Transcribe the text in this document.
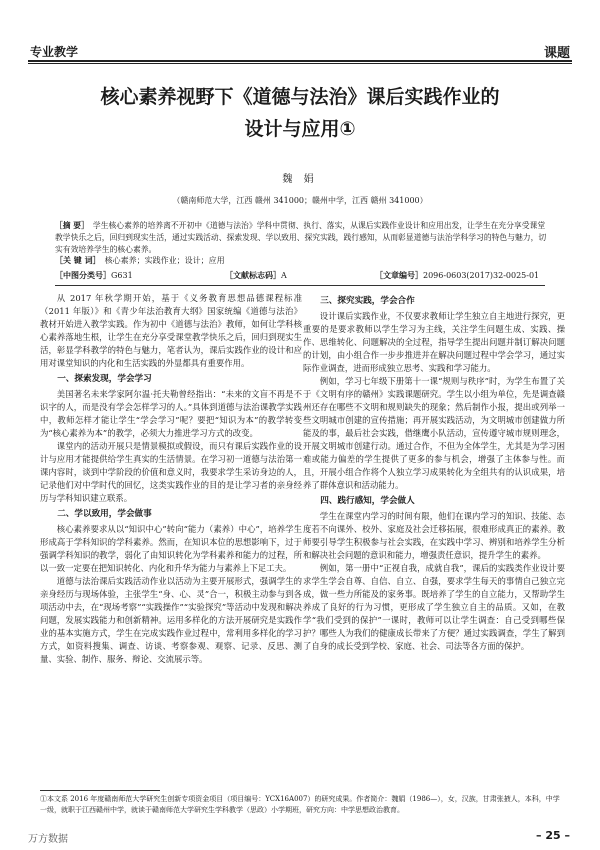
专业教学	课题
核心素养视野下《道德与法治》课后实践作业的
设计与应用①
魏 娟
（赣南师范大学，江西 赣州 341000；赣州中学，江西 赣州 341000）
［摘 要］ 学生核心素养的培养离不开初中《道德与法治》学科中贯彻、执行、落实，从课后实践作业设计和应用出发，让学生在充分享受课堂教学快乐之后，回归到现实生活，通过实践活动、探索发现、学以致用、探究实践，践行感知，从而彰显道德与法治学科学习的特色与魅力，切实有效培养学生的核心素养。
［关 键 词］ 核心素养；实践作业；设计；应用
［中图分类号］G631	［文献标志码］A	［文章编号］2096-0603(2017)32-0025-01

从 2017 年秋学期开始，基于《义务教育思想品德课程标准（2011 年版）》和《青少年法治教育大纲》国家统编《道德与法治》教材开始进入教学实践。作为初中《道德与法治》教师，如何让学科核心素养落地生根，让学生在充分享受课堂教学快乐之后，回归到现实生活，彰显学科教学的特色与魅力，笔者认为，课后实践作业的设计和应用对课堂知识的内化和生活实践的外显都具有重要作用。

一、探索发现，学会学习

美国著名未来学家阿尔温·托夫勒曾经指出：“未来的文盲不再是不识字的人，而是没有学会怎样学习的人。”具体到道德与法治课教学实践中，教师怎样才能让学生“学会学习”呢？要把“知识为本”的教学转变为“核心素养为本”的教学，必须大力推进学习方式的改变。

课堂内的活动开展只是情景模拟或假设，而只有课后实践作业的设计与应用才能提供给学生真实的生活情景。在学习初一道德与法治第一课内容时，谈到中学阶段的价值和意义时，我要求学生采访身边的人，记录他们对中学时代的回忆，这类实践作业的目的是让学习者的亲身经历与学科知识建立联系。

二、学以致用，学会做事

核心素养要求从以“知识中心”转向“能力（素养）中心”，培养学生形成高于学科知识的学科素养。然而，在知识本位的思想影响下，过于强调学科知识的教学，弱化了由知识转化为学科素养和能力的过程，所以一致一定要在把知识转化、内化和升华为能力与素养上下足工夫。

道德与法治课后实践活动作业以活动为主要开展形式，强调学生的亲身经历与现场体验，主张学生“身、心、灵”合一，积极主动参与到各项活动中去，在“现场考察”“实践操作”“实验探究”等活动中发现和解决问题，发展实践能力和创新精神。运用多样化的方法开展研究是实践作业的基本实施方式，学生在完成实践作业过程中，常利用多样化的学习方式，如资料搜集、调查、访谈、考察参观、观察、记录、反思、测量、实验、制作、服务、辩论、交流展示等。

三、探究实践，学会合作

设计课后实践作业，不仅要求教师让学生独立自主地进行探究，更重要的是要求教师以学生学习为主线，关注学生问题生成、实践、操作、思维转化、问题解决的全过程，指导学生提出问题并制订解决问题的计划，由小组合作一步步推进并在解决问题过程中学会学习，通过实际作业调查，进而形成独立思考、实践和学习能力。

例如，学习七年级下册第十一课“规则与秩序”时，为学生布置了关于《文明有序的赣州》实践课题研究。学生以小组为单位，先是调查赣州还存在哪些不文明和规则缺失的现象；然后制作小报，提出或列举一些文明城市创建的宣传措施；再开展实践活动，为文明城市创建做力所能及的事，最后社会实践，借继鹰小队活动，宣传遵守城市规则理念，开展文明城市创建行动。通过合作，不但为全体学生，尤其是为学习困难或能力偏差的学生提供了更多的参与机会，增强了主体参与性。而且，开展小组合作将个人独立学习成果转化为全组共有的认识成果，培养了群体意识和活动能力。

四、践行感知，学会做人

学生在课堂内学习的时间有限，他们在课内学习的知识、技能、态度若不向课外、校外、家庭及社会迁移拓展，很难形成真正的素养。教师要引导学生积极参与社会实践，在实践中学习、辨别和培养学生分析和解决社会问题的意识和能力，增强责任意识，提升学生的素养。

例如，第一册中“正视自我，成就自我”，课后的实践类作业设计要求学生学会自尊、自信、自立、自强，要求学生每天的事情自己独立完成，做一些力所能及的家务事。既培养了学生的自立能力，又帮助学生养成了良好的行为习惯，更形成了学生独立自主的品质。又如，在教学“我们受到的保护”一课时，教师可以让学生调查：自己受到哪些保护？哪些人为我们的健康成长带来了方便？通过实践调查，学生了解到了自身的成长受到学校、家庭、社会、司法等各方面的保护。

①本文系 2016 年度赣南师范大学研究生创新专项资金项目（项目编号：YCX16A007）的研究成果。作者简介：魏娟（1986—），女，汉族，甘肃张掖人，本科，中学一级，就职于江西赣州中学，就读于赣南师范大学研究生学科教学（思政）小学期班，研究方向：中学思想政治教育。
– 25 –
万方数据
